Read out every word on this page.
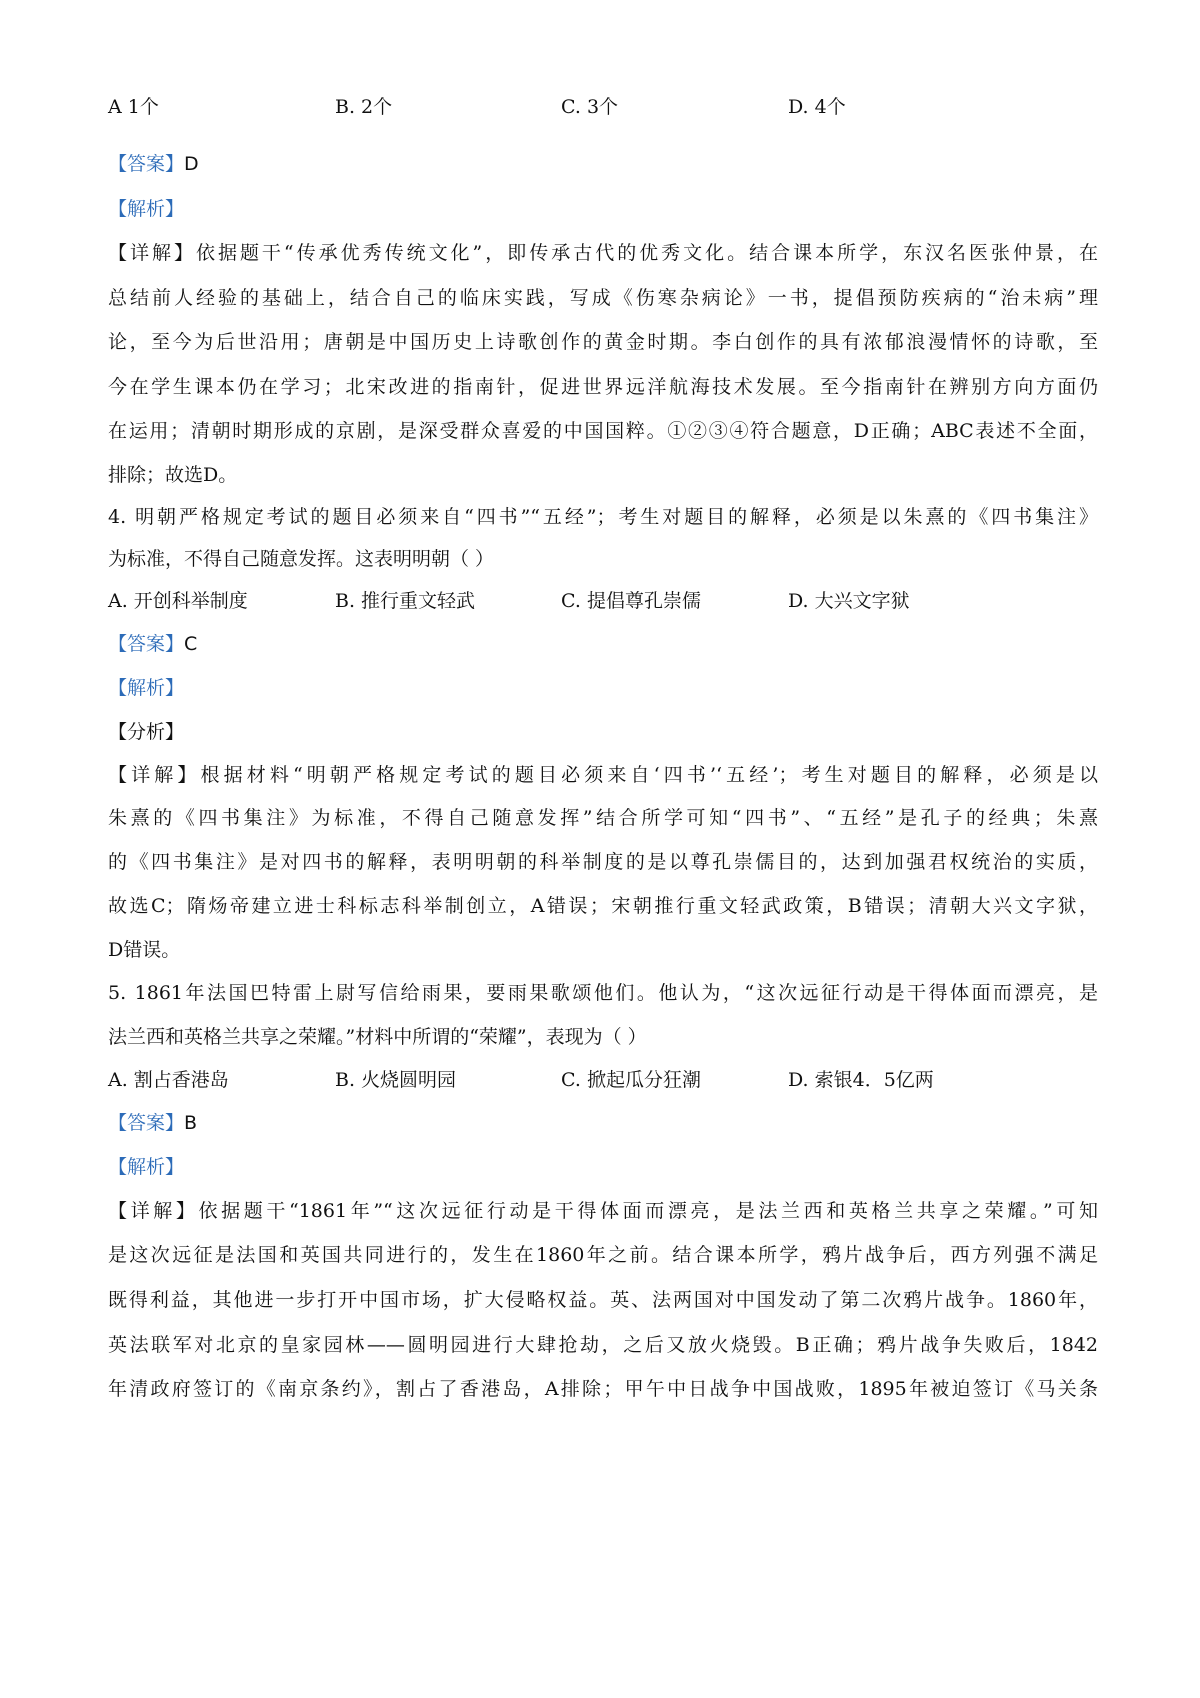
A 1个	B. 2个	C. 3个	D. 4个
【答案】D
【解析】
【详解】依据题干“传承优秀传统文化”，即传承古代的优秀文化。结合课本所学，东汉名医张仲景，在
总结前人经验的基础上，结合自己的临床实践，写成《伤寒杂病论》一书，提倡预防疾病的“治未病”理
论，至今为后世沿用；唐朝是中国历史上诗歌创作的黄金时期。李白创作的具有浓郁浪漫情怀的诗歌，至
今在学生课本仍在学习；北宋改进的指南针，促进世界远洋航海技术发展。至今指南针在辨别方向方面仍
在运用；清朝时期形成的京剧，是深受群众喜爱的中国国粹。①②③④符合题意，D正确；ABC表述不全面，
排除；故选D。
4. 明朝严格规定考试的题目必须来自“四书”“五经”；考生对题目的解释，必须是以朱熹的《四书集注》
为标准，不得自己随意发挥。这表明明朝（ ）
A. 开创科举制度	B. 推行重文轻武	C. 提倡尊孔崇儒	D. 大兴文字狱
【答案】C
【解析】
【分析】
【详解】根据材料“明朝严格规定考试的题目必须来自‘四书’‘五经’；考生对题目的解释，必须是以
朱熹的《四书集注》为标准，不得自己随意发挥”结合所学可知“四书”、“五经”是孔子的经典；朱熹
的《四书集注》是对四书的解释，表明明朝的科举制度的是以尊孔崇儒目的，达到加强君权统治的实质，
故选C；隋炀帝建立进士科标志科举制创立，A错误；宋朝推行重文轻武政策，B错误；清朝大兴文字狱，
D错误。
5. 1861年法国巴特雷上尉写信给雨果，要雨果歌颂他们。他认为，“这次远征行动是干得体面而漂亮，是
法兰西和英格兰共享之荣耀。”材料中所谓的“荣耀”，表现为（ ）
A. 割占香港岛	B. 火烧圆明园	C. 掀起瓜分狂潮	D. 索银4．5亿两
【答案】B
【解析】
【详解】依据题干“1861年”“这次远征行动是干得体面而漂亮，是法兰西和英格兰共享之荣耀。”可知
是这次远征是法国和英国共同进行的，发生在1860年之前。结合课本所学，鸦片战争后，西方列强不满足
既得利益，其他进一步打开中国市场，扩大侵略权益。英、法两国对中国发动了第二次鸦片战争。1860年，
英法联军对北京的皇家园林——圆明园进行大肆抢劫，之后又放火烧毁。B正确；鸦片战争失败后，1842
年清政府签订的《南京条约》，割占了香港岛，A排除；甲午中日战争中国战败，1895年被迫签订《马关条
